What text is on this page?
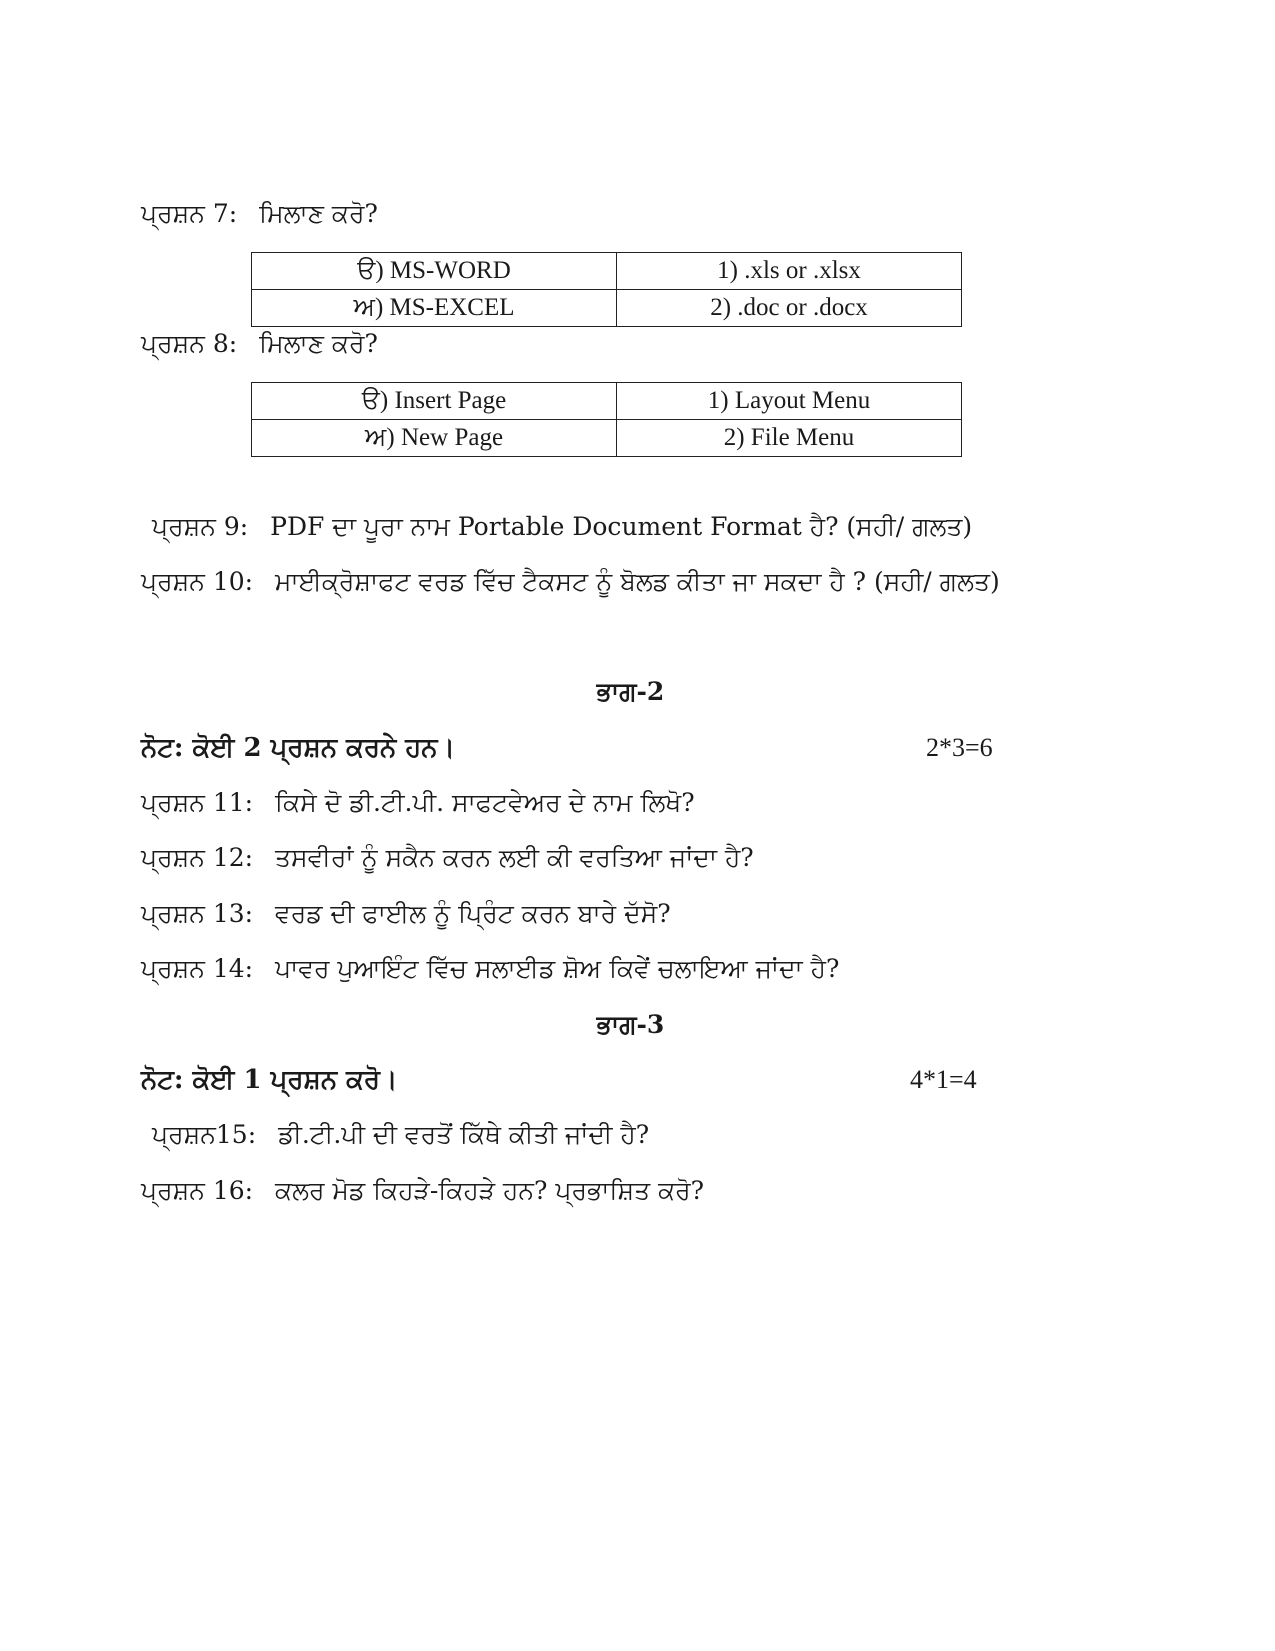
ਪ੍ਰਸ਼ਨ 7: ਮਿਲਾਣ ਕਰੋ?
ੳ) MS-WORD	1) .xls or .xlsx
ਅ) MS-EXCEL	2) .doc or .docx
ਪ੍ਰਸ਼ਨ 8: ਮਿਲਾਣ ਕਰੋ?
ੳ) Insert Page	1) Layout Menu
ਅ) New Page	2) File Menu
ਪ੍ਰਸ਼ਨ 9: PDF ਦਾ ਪੂਰਾ ਨਾਮ Portable Document Format ਹੈ? (ਸਹੀ/ ਗਲਤ)
ਪ੍ਰਸ਼ਨ 10: ਮਾਈਕ੍ਰੋਸ਼ਾਫਟ ਵਰਡ ਵਿੱਚ ਟੈਕਸਟ ਨੂੰ ਬੋਲਡ ਕੀਤਾ ਜਾ ਸਕਦਾ ਹੈ ? (ਸਹੀ/ ਗਲਤ)
ਭਾਗ-2
ਨੋਟ: ਕੋਈ 2 ਪ੍ਰਸ਼ਨ ਕਰਨੇ ਹਨ।	2*3=6
ਪ੍ਰਸ਼ਨ 11: ਕਿਸੇ ਦੋ ਡੀ.ਟੀ.ਪੀ. ਸਾਫਟਵੇਅਰ ਦੇ ਨਾਮ ਲਿਖੋ?
ਪ੍ਰਸ਼ਨ 12: ਤਸਵੀਰਾਂ ਨੂੰ ਸਕੈਨ ਕਰਨ ਲਈ ਕੀ ਵਰਤਿਆ ਜਾਂਦਾ ਹੈ?
ਪ੍ਰਸ਼ਨ 13: ਵਰਡ ਦੀ ਫਾਈਲ ਨੂੰ ਪ੍ਰਿੰਟ ਕਰਨ ਬਾਰੇ ਦੱਸੋ?
ਪ੍ਰਸ਼ਨ 14: ਪਾਵਰ ਪੁਆਇੰਟ ਵਿੱਚ ਸਲਾਈਡ ਸ਼ੋਅ ਕਿਵੇਂ ਚਲਾਇਆ ਜਾਂਦਾ ਹੈ?
ਭਾਗ-3
ਨੋਟ: ਕੋਈ 1 ਪ੍ਰਸ਼ਨ ਕਰੋ।	4*1=4
ਪ੍ਰਸ਼ਨ15: ਡੀ.ਟੀ.ਪੀ ਦੀ ਵਰਤੋਂ ਕਿੱਥੇ ਕੀਤੀ ਜਾਂਦੀ ਹੈ?
ਪ੍ਰਸ਼ਨ 16: ਕਲਰ ਮੋਡ ਕਿਹੜੇ-ਕਿਹੜੇ ਹਨ? ਪ੍ਰਭਾਸ਼ਿਤ ਕਰੋ?
